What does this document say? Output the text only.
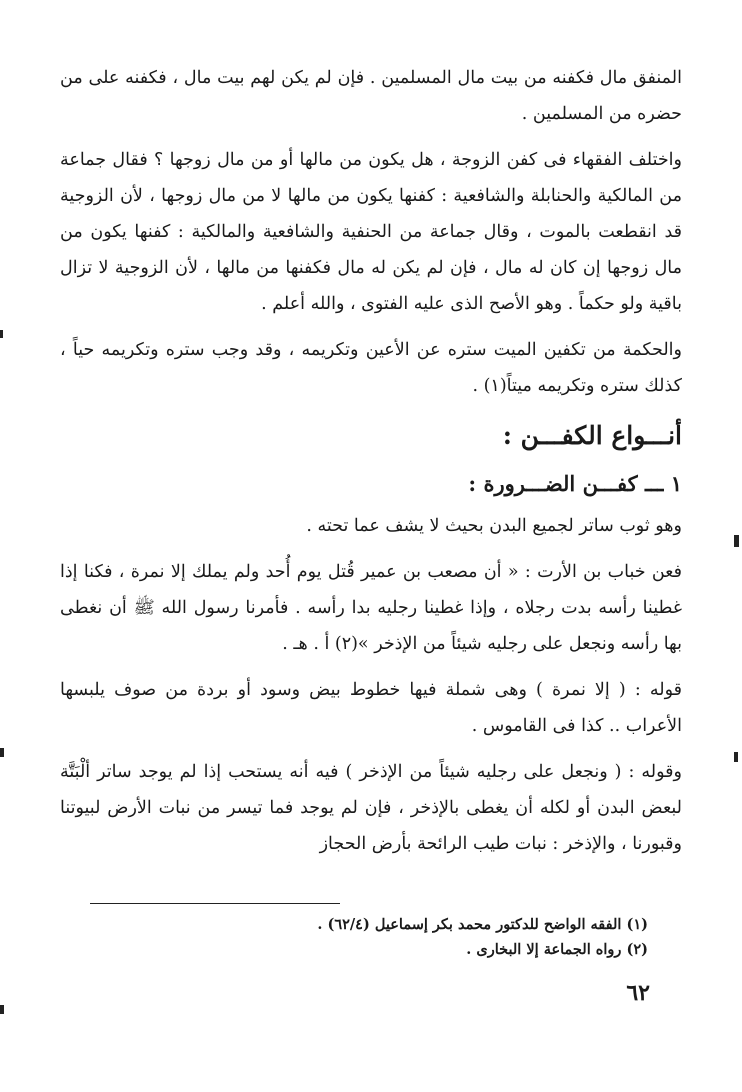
المنفق مال فكفنه من بيت مال المسلمين . فإن لم يكن لهم بيت مال ، فكفنه على من حضره من المسلمين .

واختلف الفقهاء فى كفن الزوجة ، هل يكون من مالها أو من مال زوجها ؟ فقال جماعة من المالكية والحنابلة والشافعية : كفنها يكون من مالها لا من مال زوجها ، لأن الزوجية قد انقطعت بالموت ، وقال جماعة من الحنفية والشافعية والمالكية : كفنها يكون من مال زوجها إن كان له مال ، فإن لم يكن له مال فكفنها من مالها ، لأن الزوجية لا تزال باقية ولو حكماً . وهو الأصح الذى عليه الفتوى ، والله أعلم .

والحكمة من تكفين الميت ستره عن الأعين وتكريمه ، وقد وجب ستره وتكريمه حياً ، كذلك ستره وتكريمه ميتاً(١) .

أنـــواع الكفـــن :
١ ـــ كفـــن الضـــرورة :

وهو ثوب ساتر لجميع البدن بحيث لا يشف عما تحته .

فعن خباب بن الأرت : « أن مصعب بن عمير قُتل يوم أُحد ولم يملك إلا نمرة ، فكنا إذا غطينا رأسه بدت رجلاه ، وإذا غطينا رجليه بدا رأسه . فأمرنا رسول الله ﷺ أن نغطى بها رأسه ونجعل على رجليه شيئاً من الإذخر »(٢) أ . هـ .

قوله : ( إلا نمرة ) وهى شملة فيها خطوط بيض وسود أو بردة من صوف يلبسها الأعراب .. كذا فى القاموس .

وقوله : ( ونجعل على رجليه شيئاً من الإذخر ) فيه أنه يستحب إذا لم يوجد ساتر ألْبَتَّة لبعض البدن أو لكله أن يغطى بالإذخر ، فإن لم يوجد فما تيسر من نبات الأرض لبيوتنا وقبورنا ، والإذخر : نبات طيب الرائحة بأرض الحجاز

(١) الفقه الواضح للدكتور محمد بكر إسماعيل (٦٢/٤) .
(٢) رواه الجماعة إلا البخارى .
٦٢
